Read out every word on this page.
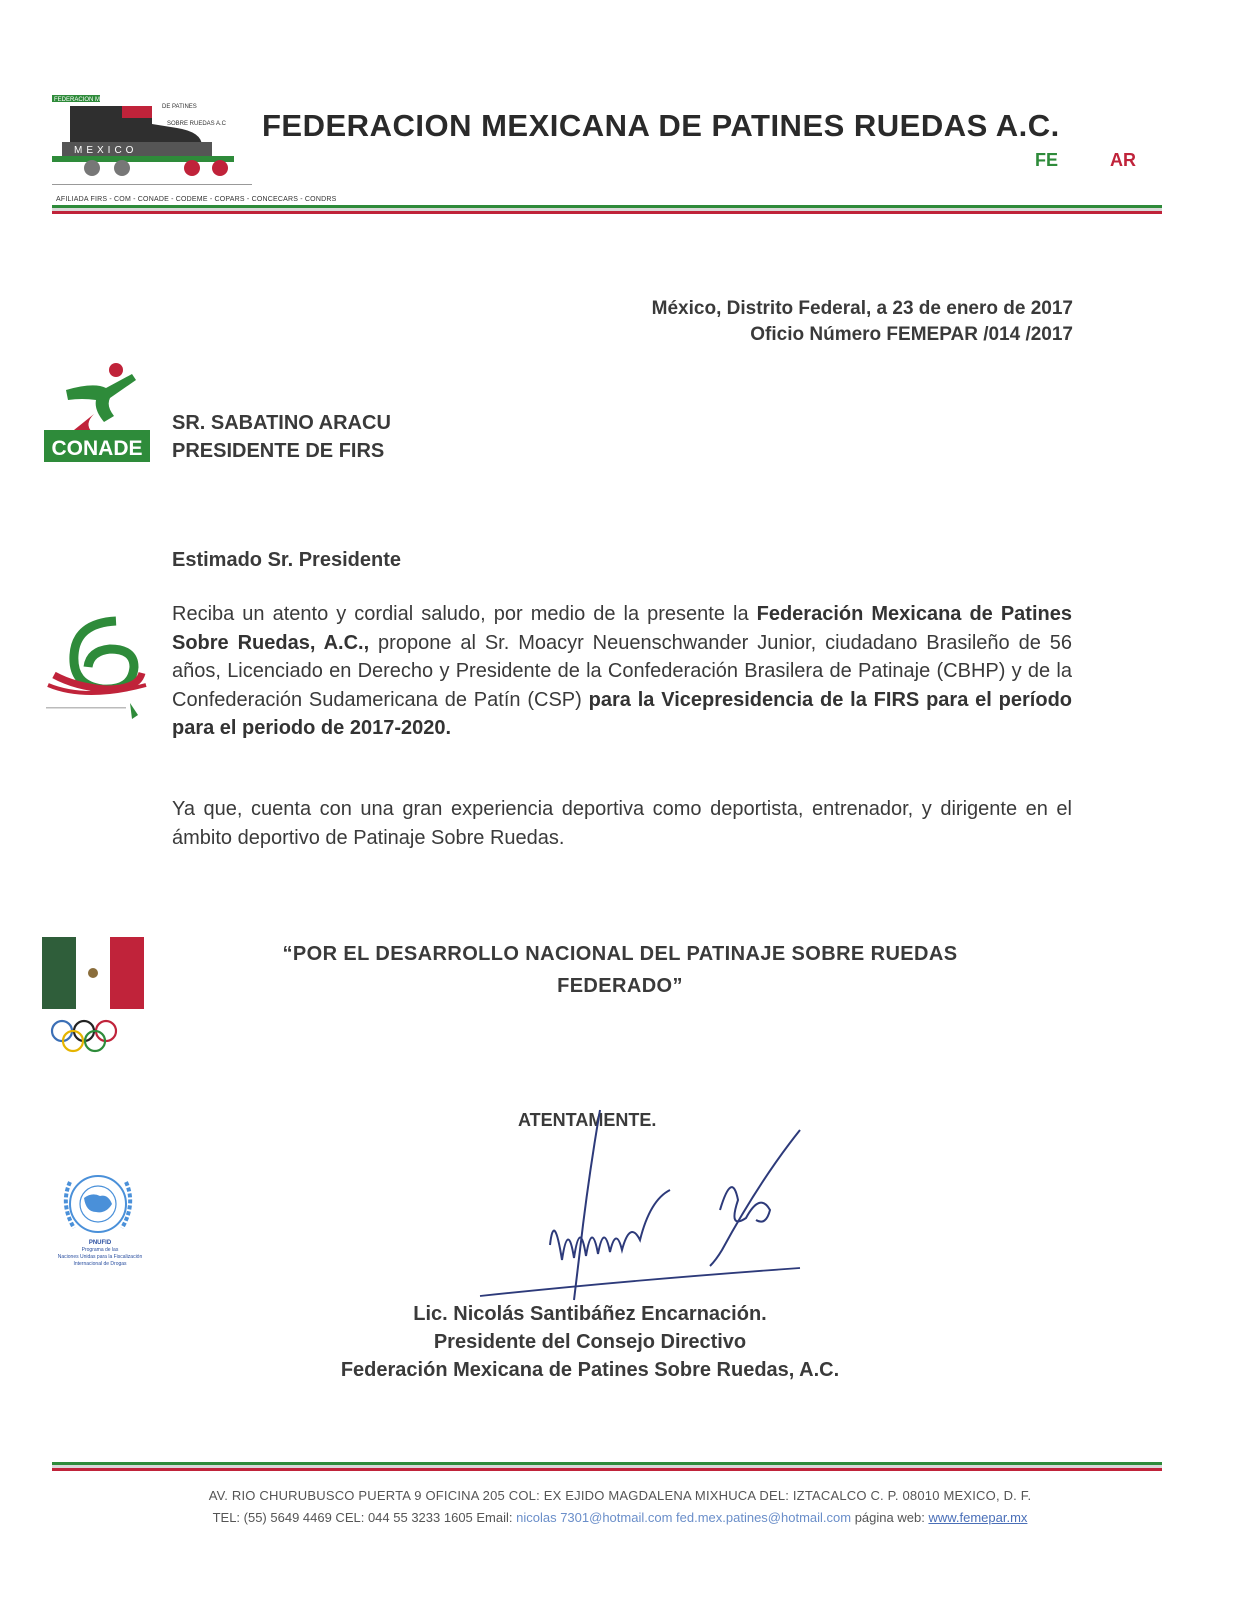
FEDERACION MEXICANA
DE PATINES
SOBRE RUEDAS A.C
MEXICO
FEDERACION MEXICANA DE PATINES RUEDAS A.C.
FE	AR
AFILIADA FIRS - COM - CONADE - CODEME - COPARS - CONCECARS - CONDRS
México, Distrito Federal, a 23 de enero de 2017
Oficio Número FEMEPAR /014 /2017
CONADE
SR. SABATINO ARACU
PRESIDENTE DE FIRS
Estimado Sr. Presidente
Reciba un atento y cordial saludo, por medio de la presente la Federación Mexicana de Patines Sobre Ruedas, A.C., propone al Sr. Moacyr Neuenschwander Junior, ciudadano Brasileño de 56 años, Licenciado en Derecho y Presidente de la Confederación Brasilera de Patinaje (CBHP) y de la Confederación Sudamericana de Patín (CSP) para la Vicepresidencia de la FIRS para el período para el periodo de 2017-2020.
Ya que, cuenta con una gran experiencia deportiva como deportista, entrenador, y dirigente en el ámbito deportivo de Patinaje Sobre Ruedas.
“POR EL DESARROLLO NACIONAL DEL PATINAJE SOBRE RUEDAS
FEDERADO”
PNUFID
Programa de las
Naciones Unidas para la Fiscalización
Internacional de Drogas
ATENTAMENTE.
Lic. Nicolás Santibáñez Encarnación.
Presidente del Consejo Directivo
Federación Mexicana de Patines Sobre Ruedas, A.C.
AV. RIO CHURUBUSCO PUERTA 9 OFICINA 205 COL: EX EJIDO MAGDALENA MIXHUCA DEL: IZTACALCO C. P. 08010 MEXICO, D. F.
TEL: (55) 5649 4469 CEL: 044 55 3233 1605 Email: nicolas 7301@hotmail.com fed.mex.patines@hotmail.com página web: www.femepar.mx
